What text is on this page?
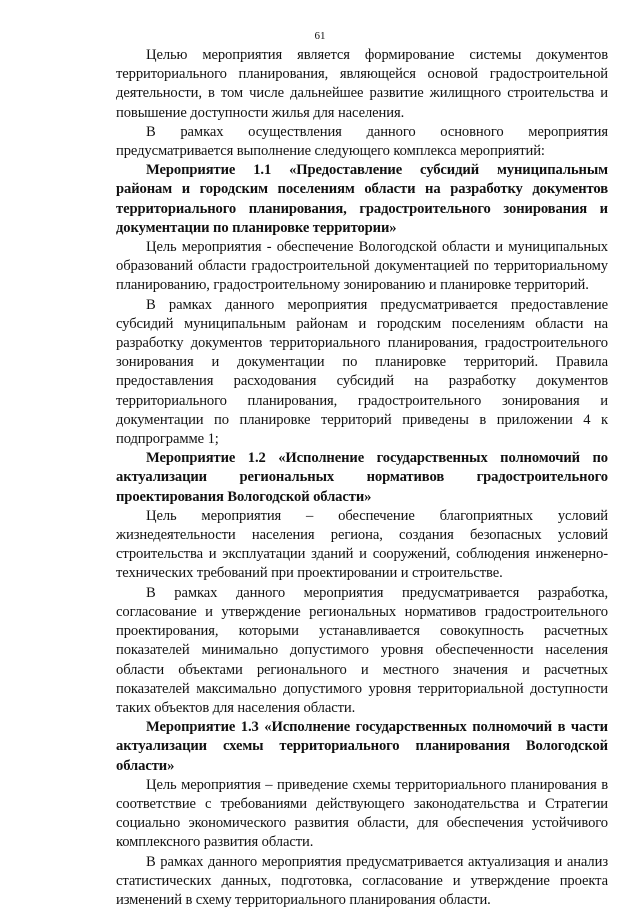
61

Целью мероприятия является формирование системы документов территориального планирования, являющейся основой градостроительной деятельности, в том числе дальнейшее развитие жилищного строительства и повышение доступности жилья для населения.

В рамках осуществления данного основного мероприятия предусматривается выполнение следующего комплекса мероприятий:

Мероприятие 1.1 «Предоставление субсидий муниципальным районам и городским поселениям области на разработку документов территориального планирования, градостроительного зонирования и документации по планировке территории»

Цель мероприятия - обеспечение Вологодской области и муниципальных образований области градостроительной документацией по территориальному планированию, градостроительному зонированию и планировке территорий.

В рамках данного мероприятия предусматривается предоставление субсидий муниципальным районам и городским поселениям области на разработку документов территориального планирования, градостроительного зонирования и документации по планировке территорий. Правила предоставления расходования субсидий на разработку документов территориального планирования, градостроительного зонирования и документации по планировке территорий приведены в приложении 4 к подпрограмме 1;

Мероприятие 1.2 «Исполнение государственных полномочий по актуализации региональных нормативов градостроительного проектирования Вологодской области»

Цель мероприятия – обеспечение благоприятных условий жизнедеятельности населения региона, создания безопасных условий строительства и эксплуатации зданий и сооружений, соблюдения инженерно-технических требований при проектировании и строительстве.

В рамках данного мероприятия предусматривается разработка, согласование и утверждение региональных нормативов градостроительного проектирования, которыми устанавливается совокупность расчетных показателей минимально допустимого уровня обеспеченности населения области объектами регионального и местного значения и расчетных показателей максимально допустимого уровня территориальной доступности таких объектов для населения области.

Мероприятие 1.3 «Исполнение государственных полномочий в части актуализации схемы территориального планирования Вологодской области»

Цель мероприятия – приведение схемы территориального планирования в соответствие с требованиями действующего законодательства и Стратегии социально экономического развития области, для обеспечения устойчивого комплексного развития области.

В рамках данного мероприятия предусматривается актуализация и анализ статистических данных, подготовка, согласование и утверждение проекта изменений в схему территориального планирования области.
